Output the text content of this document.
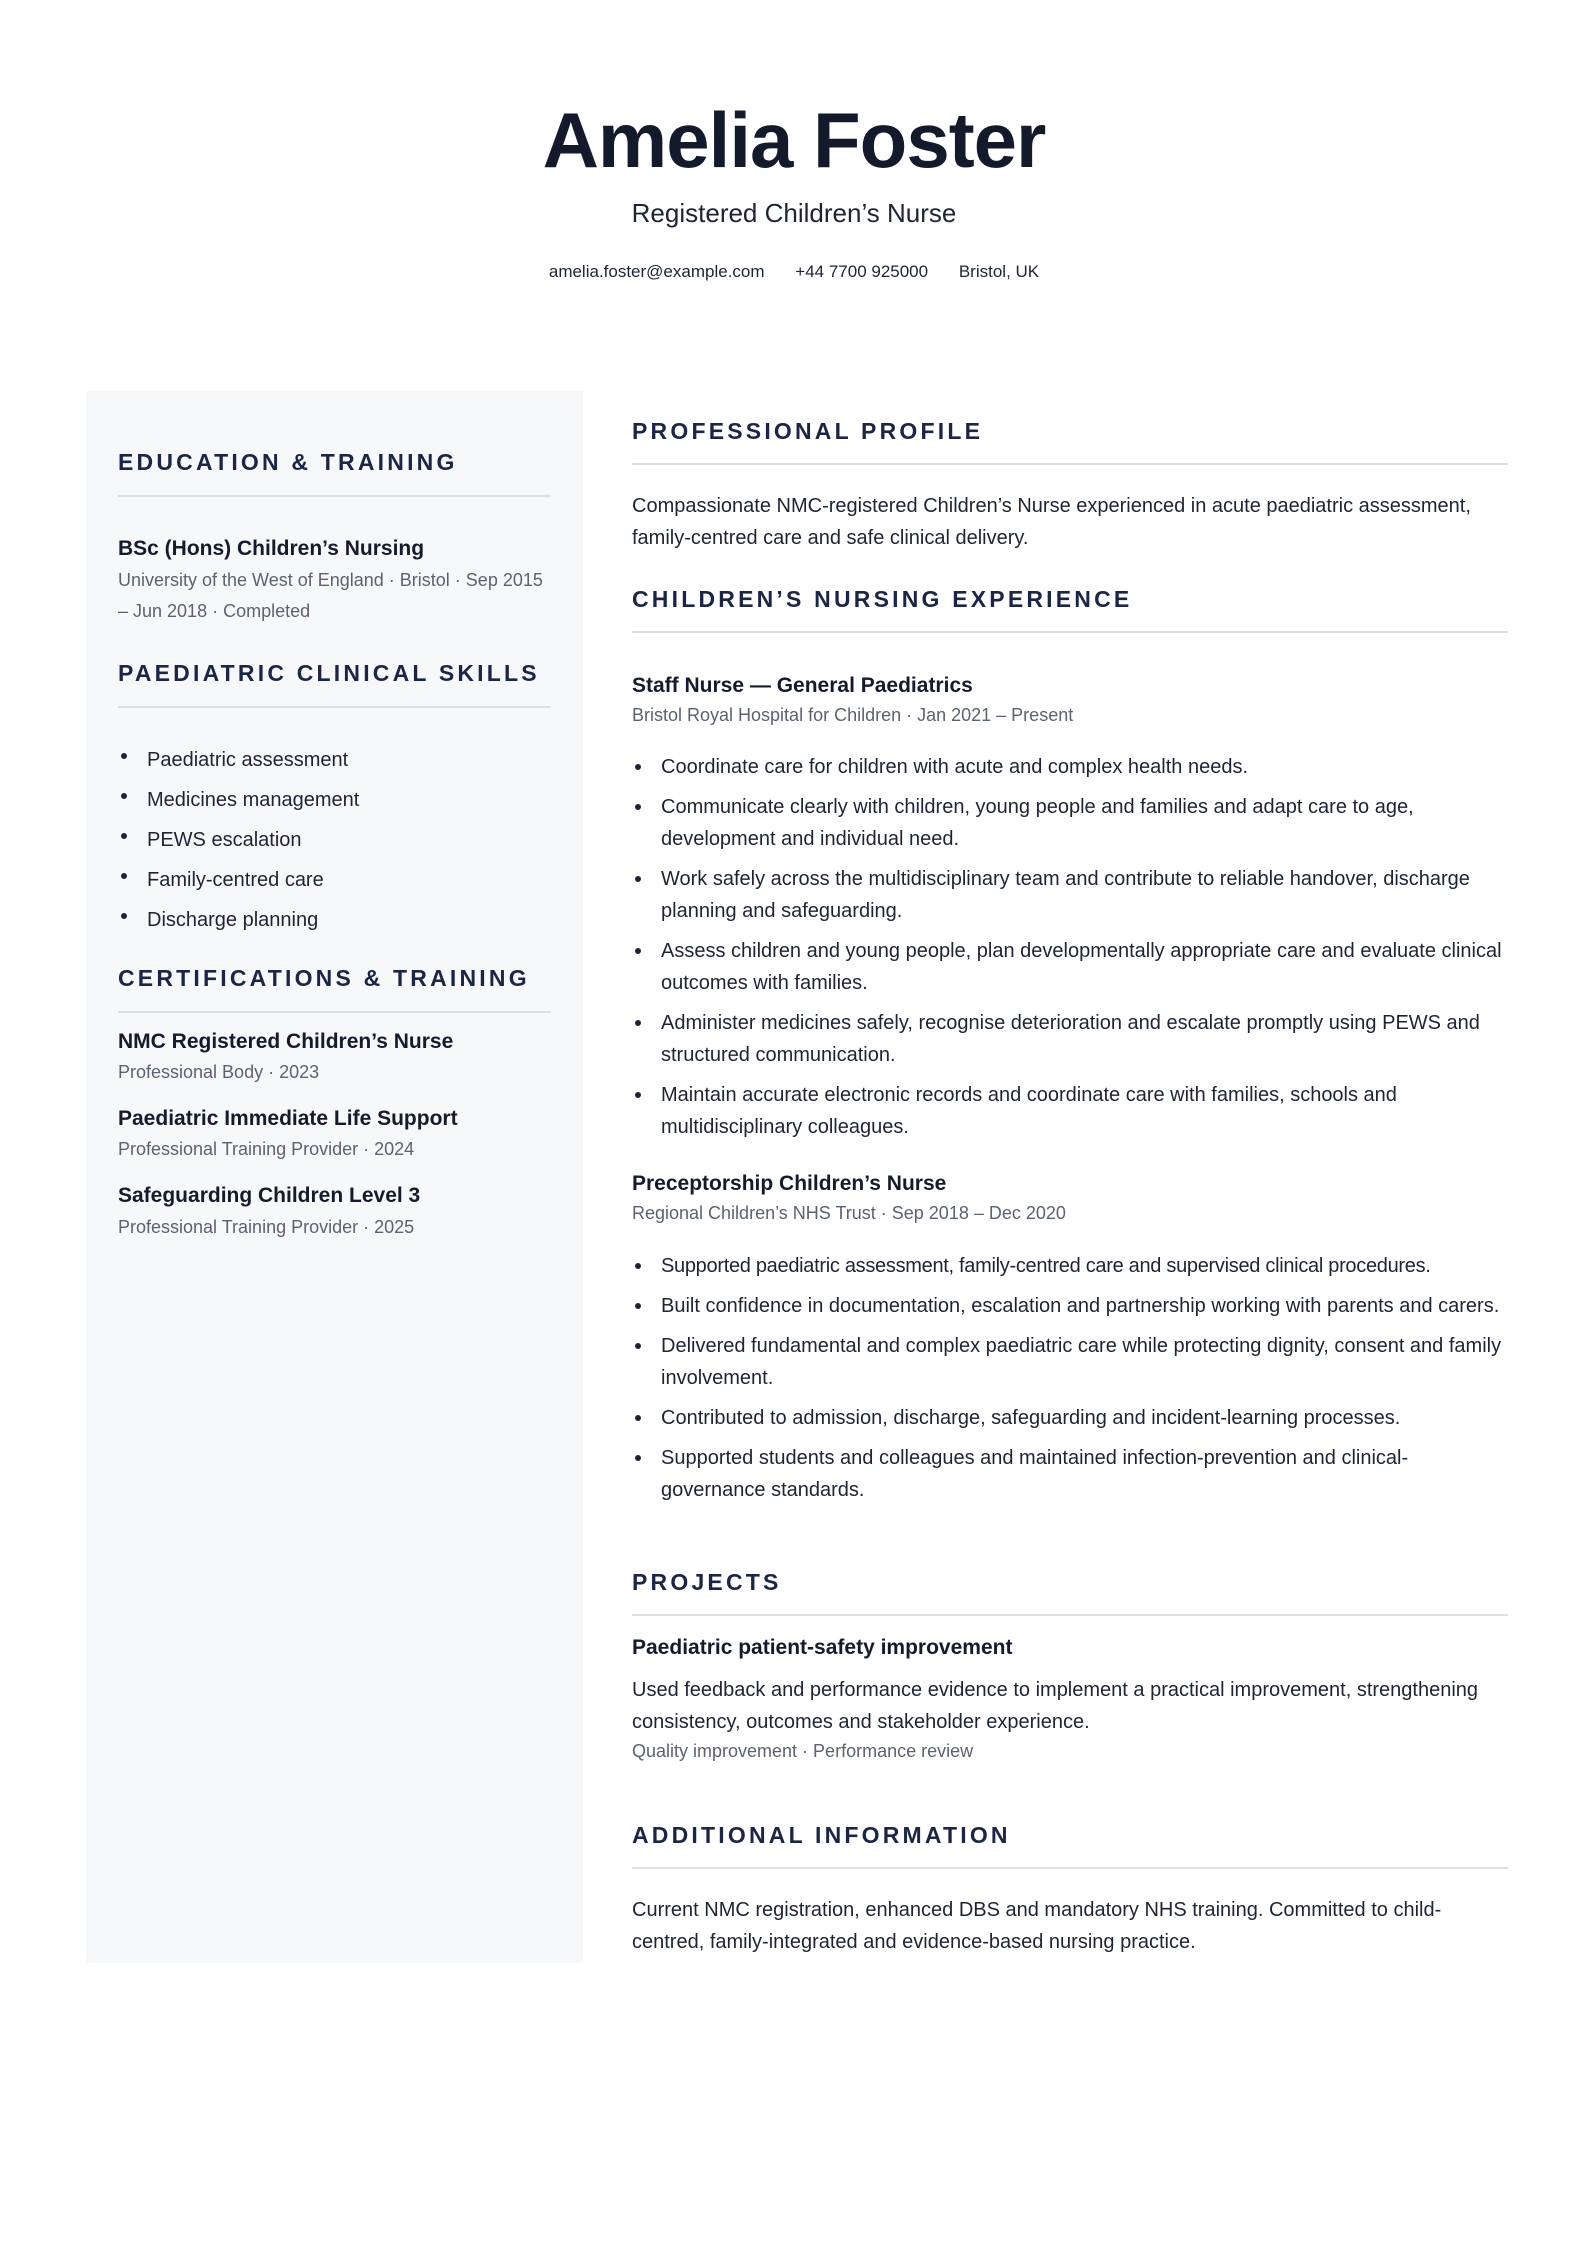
Amelia Foster
Registered Children’s Nurse
amelia.foster@example.com +44 7700 925000 Bristol, UK
EDUCATION & TRAINING
BSc (Hons) Children’s Nursing
University of the West of England · Bristol · Sep 2015 – Jun 2018 · Completed
PAEDIATRIC CLINICAL SKILLS
Paediatric assessment
Medicines management
PEWS escalation
Family-centred care
Discharge planning
CERTIFICATIONS & TRAINING
NMC Registered Children’s Nurse
Professional Body · 2023
Paediatric Immediate Life Support
Professional Training Provider · 2024
Safeguarding Children Level 3
Professional Training Provider · 2025
PROFESSIONAL PROFILE
Compassionate NMC-registered Children’s Nurse experienced in acute paediatric assessment, family-centred care and safe clinical delivery.
CHILDREN’S NURSING EXPERIENCE
Staff Nurse — General Paediatrics
Bristol Royal Hospital for Children · Jan 2021 – Present
Coordinate care for children with acute and complex health needs.
Communicate clearly with children, young people and families and adapt care to age, development and individual need.
Work safely across the multidisciplinary team and contribute to reliable handover, discharge planning and safeguarding.
Assess children and young people, plan developmentally appropriate care and evaluate clinical outcomes with families.
Administer medicines safely, recognise deterioration and escalate promptly using PEWS and structured communication.
Maintain accurate electronic records and coordinate care with families, schools and multidisciplinary colleagues.
Preceptorship Children’s Nurse
Regional Children’s NHS Trust · Sep 2018 – Dec 2020
Supported paediatric assessment, family-centred care and supervised clinical procedures.
Built confidence in documentation, escalation and partnership working with parents and carers.
Delivered fundamental and complex paediatric care while protecting dignity, consent and family involvement.
Contributed to admission, discharge, safeguarding and incident-learning processes.
Supported students and colleagues and maintained infection-prevention and clinical-governance standards.
PROJECTS
Paediatric patient-safety improvement
Used feedback and performance evidence to implement a practical improvement, strengthening consistency, outcomes and stakeholder experience.
Quality improvement · Performance review
ADDITIONAL INFORMATION
Current NMC registration, enhanced DBS and mandatory NHS training. Committed to child-centred, family-integrated and evidence-based nursing practice.
